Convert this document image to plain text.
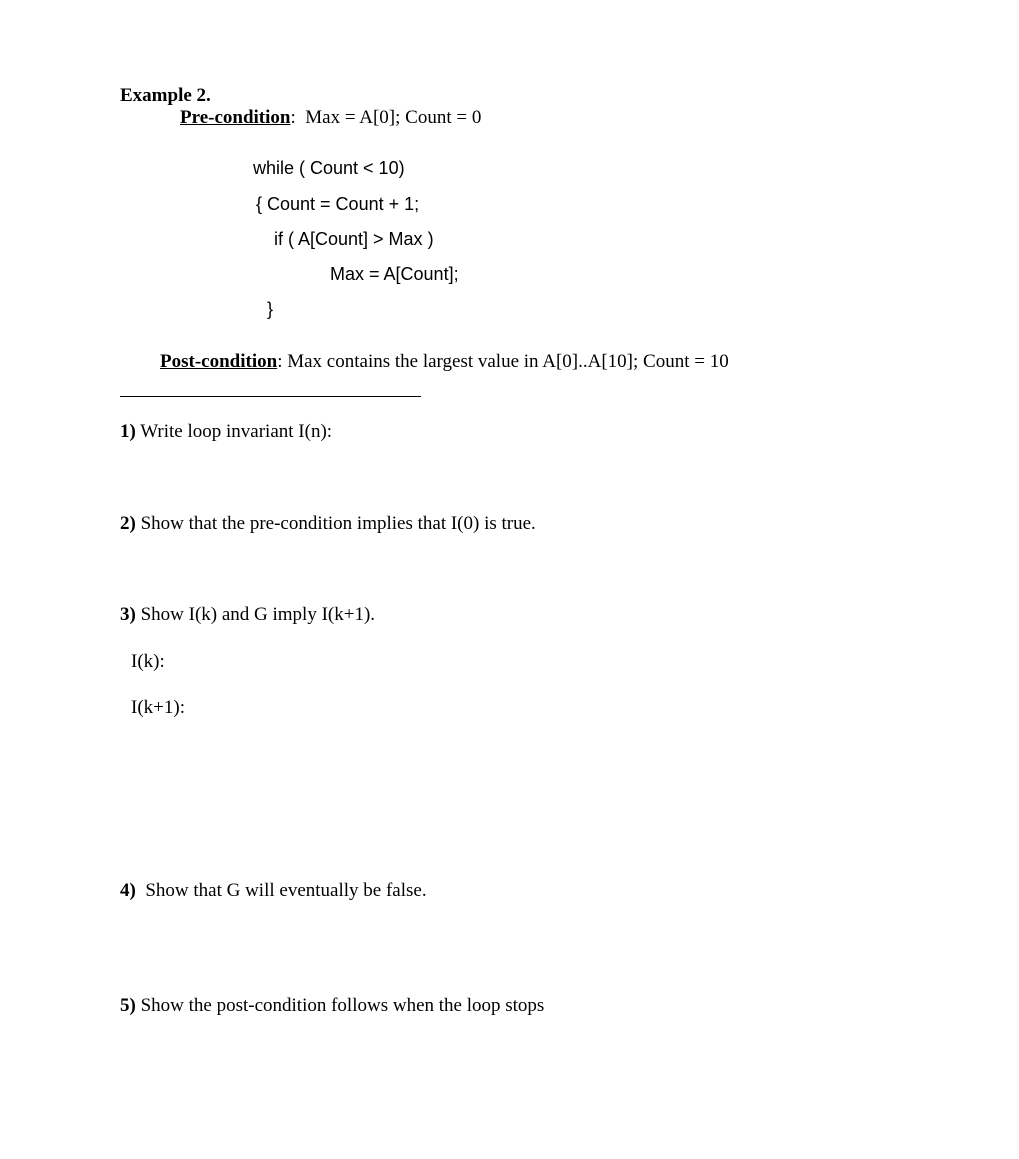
Example 2.
Pre-condition: Max = A[0]; Count = 0
while ( Count < 10)
{ Count = Count + 1;
if ( A[Count] > Max )
Max = A[Count];
}
Post-condition: Max contains the largest value in A[0]..A[10]; Count = 10
1) Write loop invariant I(n):
2) Show that the pre-condition implies that I(0) is true.
3) Show I(k) and G imply I(k+1).
I(k):
I(k+1):
4) Show that G will eventually be false.
5) Show the post-condition follows when the loop stops
